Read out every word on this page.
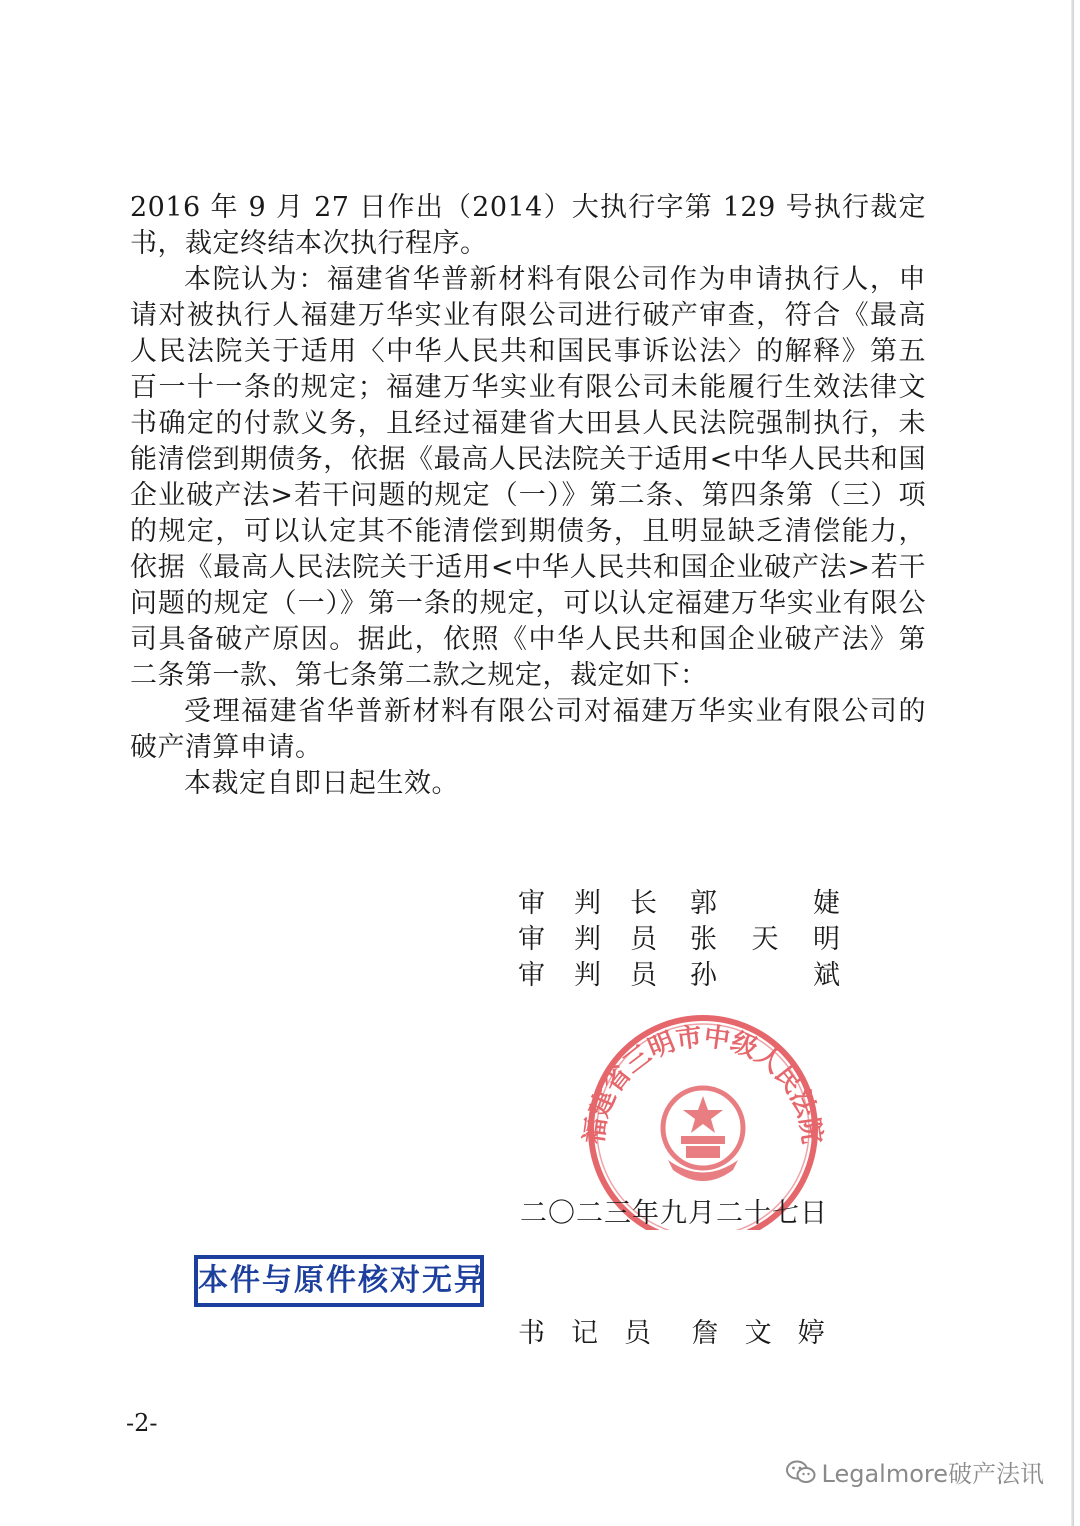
2016 年 9 月 27 日作出（2014）大执行字第 129 号执行裁定书，裁定终结本次执行程序。

本院认为：福建省华普新材料有限公司作为申请执行人，申请对被执行人福建万华实业有限公司进行破产审查，符合《最高人民法院关于适用〈中华人民共和国民事诉讼法〉的解释》第五百一十一条的规定；福建万华实业有限公司未能履行生效法律文书确定的付款义务，且经过福建省大田县人民法院强制执行，未能清偿到期债务，依据《最高人民法院关于适用<中华人民共和国企业破产法>若干问题的规定（一）》第二条、第四条第（三）项的规定，可以认定其不能清偿到期债务，且明显缺乏清偿能力，依据《最高人民法院关于适用<中华人民共和国企业破产法>若干问题的规定（一）》第一条的规定，可以认定福建万华实业有限公司具备破产原因。据此，依照《中华人民共和国企业破产法》第二条第一款、第七条第二款之规定，裁定如下：

受理福建省华普新材料有限公司对福建万华实业有限公司的破产清算申请。

本裁定自即日起生效。

审判长 郭婕
审判员 张天明
审判员 孙斌
福建省三明市中级人民法院
二〇二三年九月二十七日
本件与原件核对无异
书记员 詹文婷
-2-
Legalmore破产法讯
